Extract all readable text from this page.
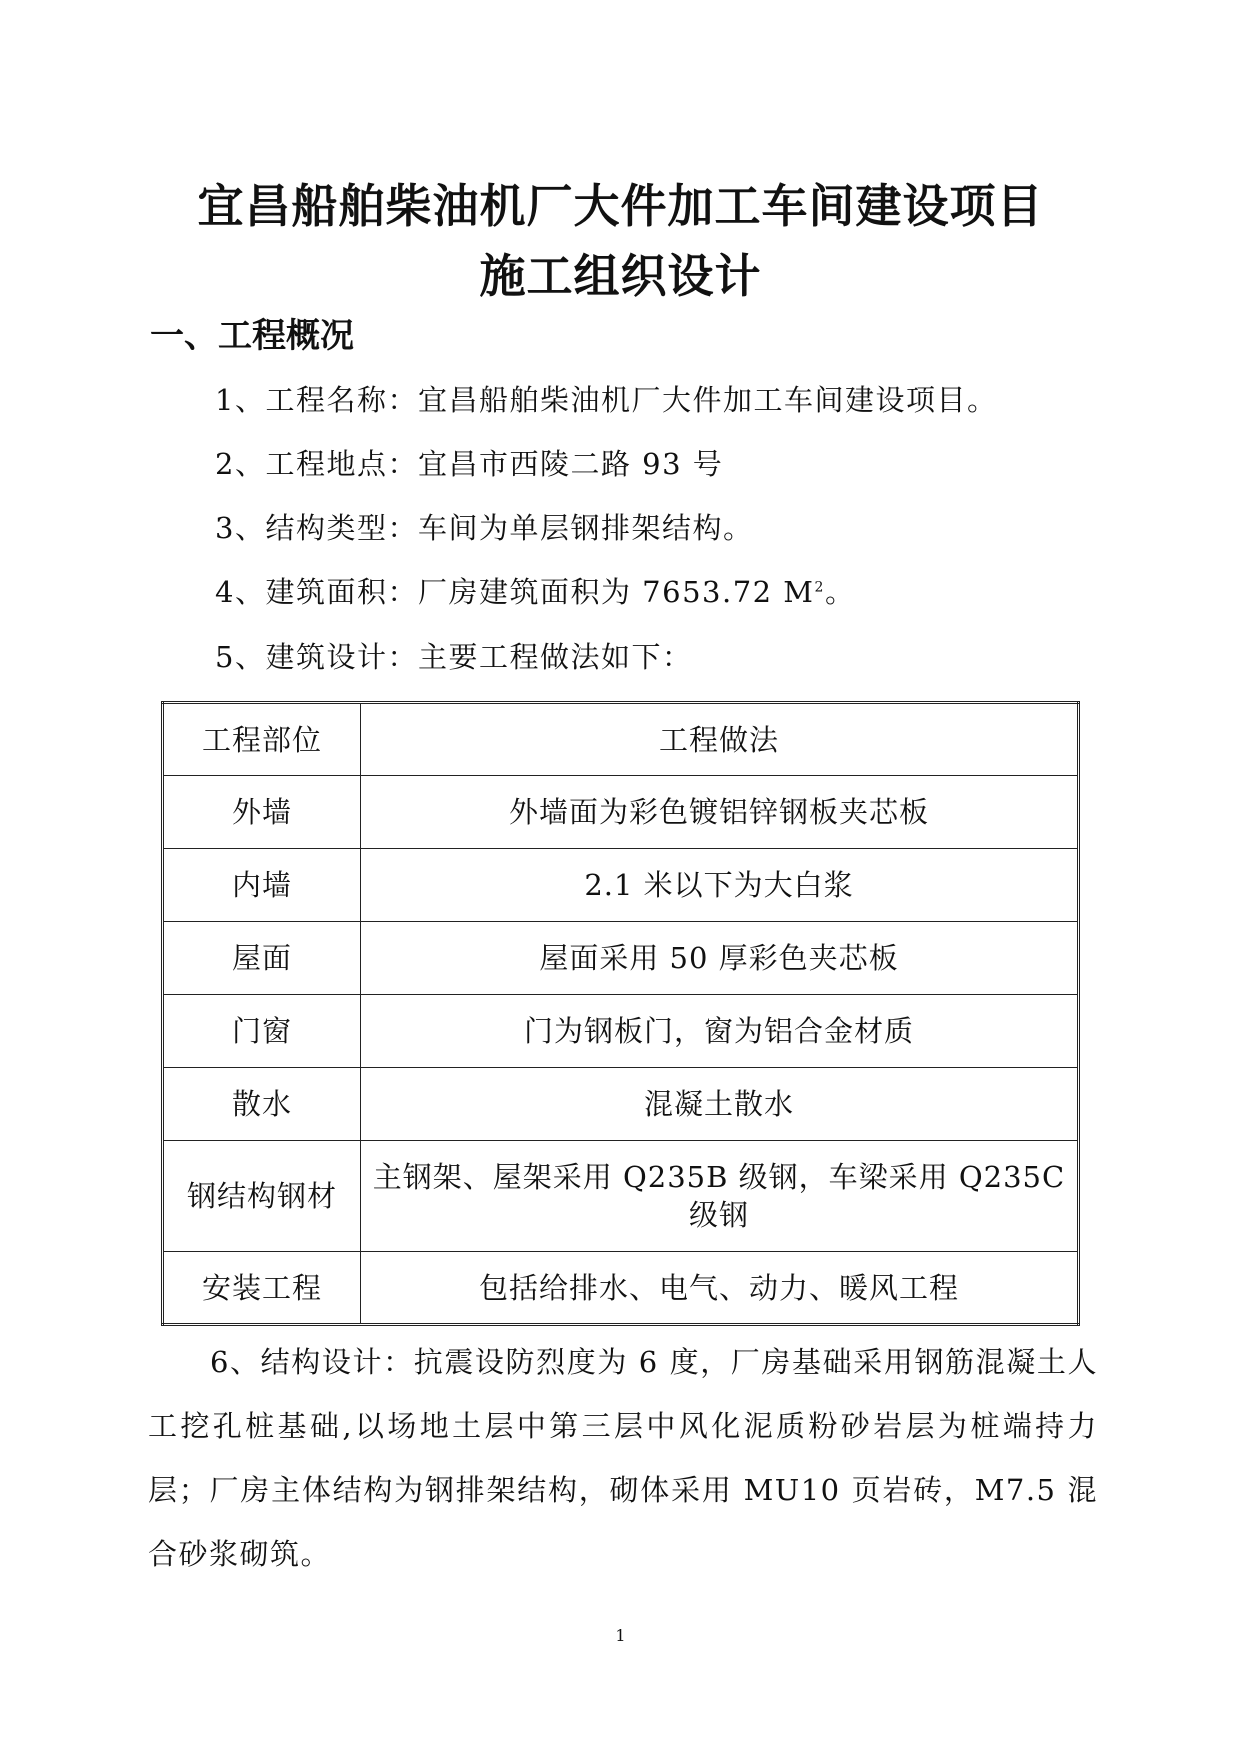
宜昌船舶柴油机厂大件加工车间建设项目
施工组织设计
一、工程概况
1、工程名称：宜昌船舶柴油机厂大件加工车间建设项目。
2、工程地点：宜昌市西陵二路 93 号
3、结构类型：车间为单层钢排架结构。
4、建筑面积：厂房建筑面积为 7653.72 $M^2$。
5、建筑设计：主要工程做法如下：
工程部位	工程做法
外墙	外墙面为彩色镀铝锌钢板夹芯板
内墙	2.1 米以下为大白浆
屋面	屋面采用 50 厚彩色夹芯板
门窗	门为钢板门，窗为铝合金材质
散水	混凝土散水
钢结构钢材	主钢架、屋架采用 Q235B 级钢，车梁采用 Q235C 级钢
安装工程	包括给排水、电气、动力、暖风工程
6、结构设计：抗震设防烈度为 6 度，厂房基础采用钢筋混凝土人工挖孔桩基础,以场地土层中第三层中风化泥质粉砂岩层为桩端持力层；厂房主体结构为钢排架结构，砌体采用 MU10 页岩砖，M7.5 混合砂浆砌筑。
1
